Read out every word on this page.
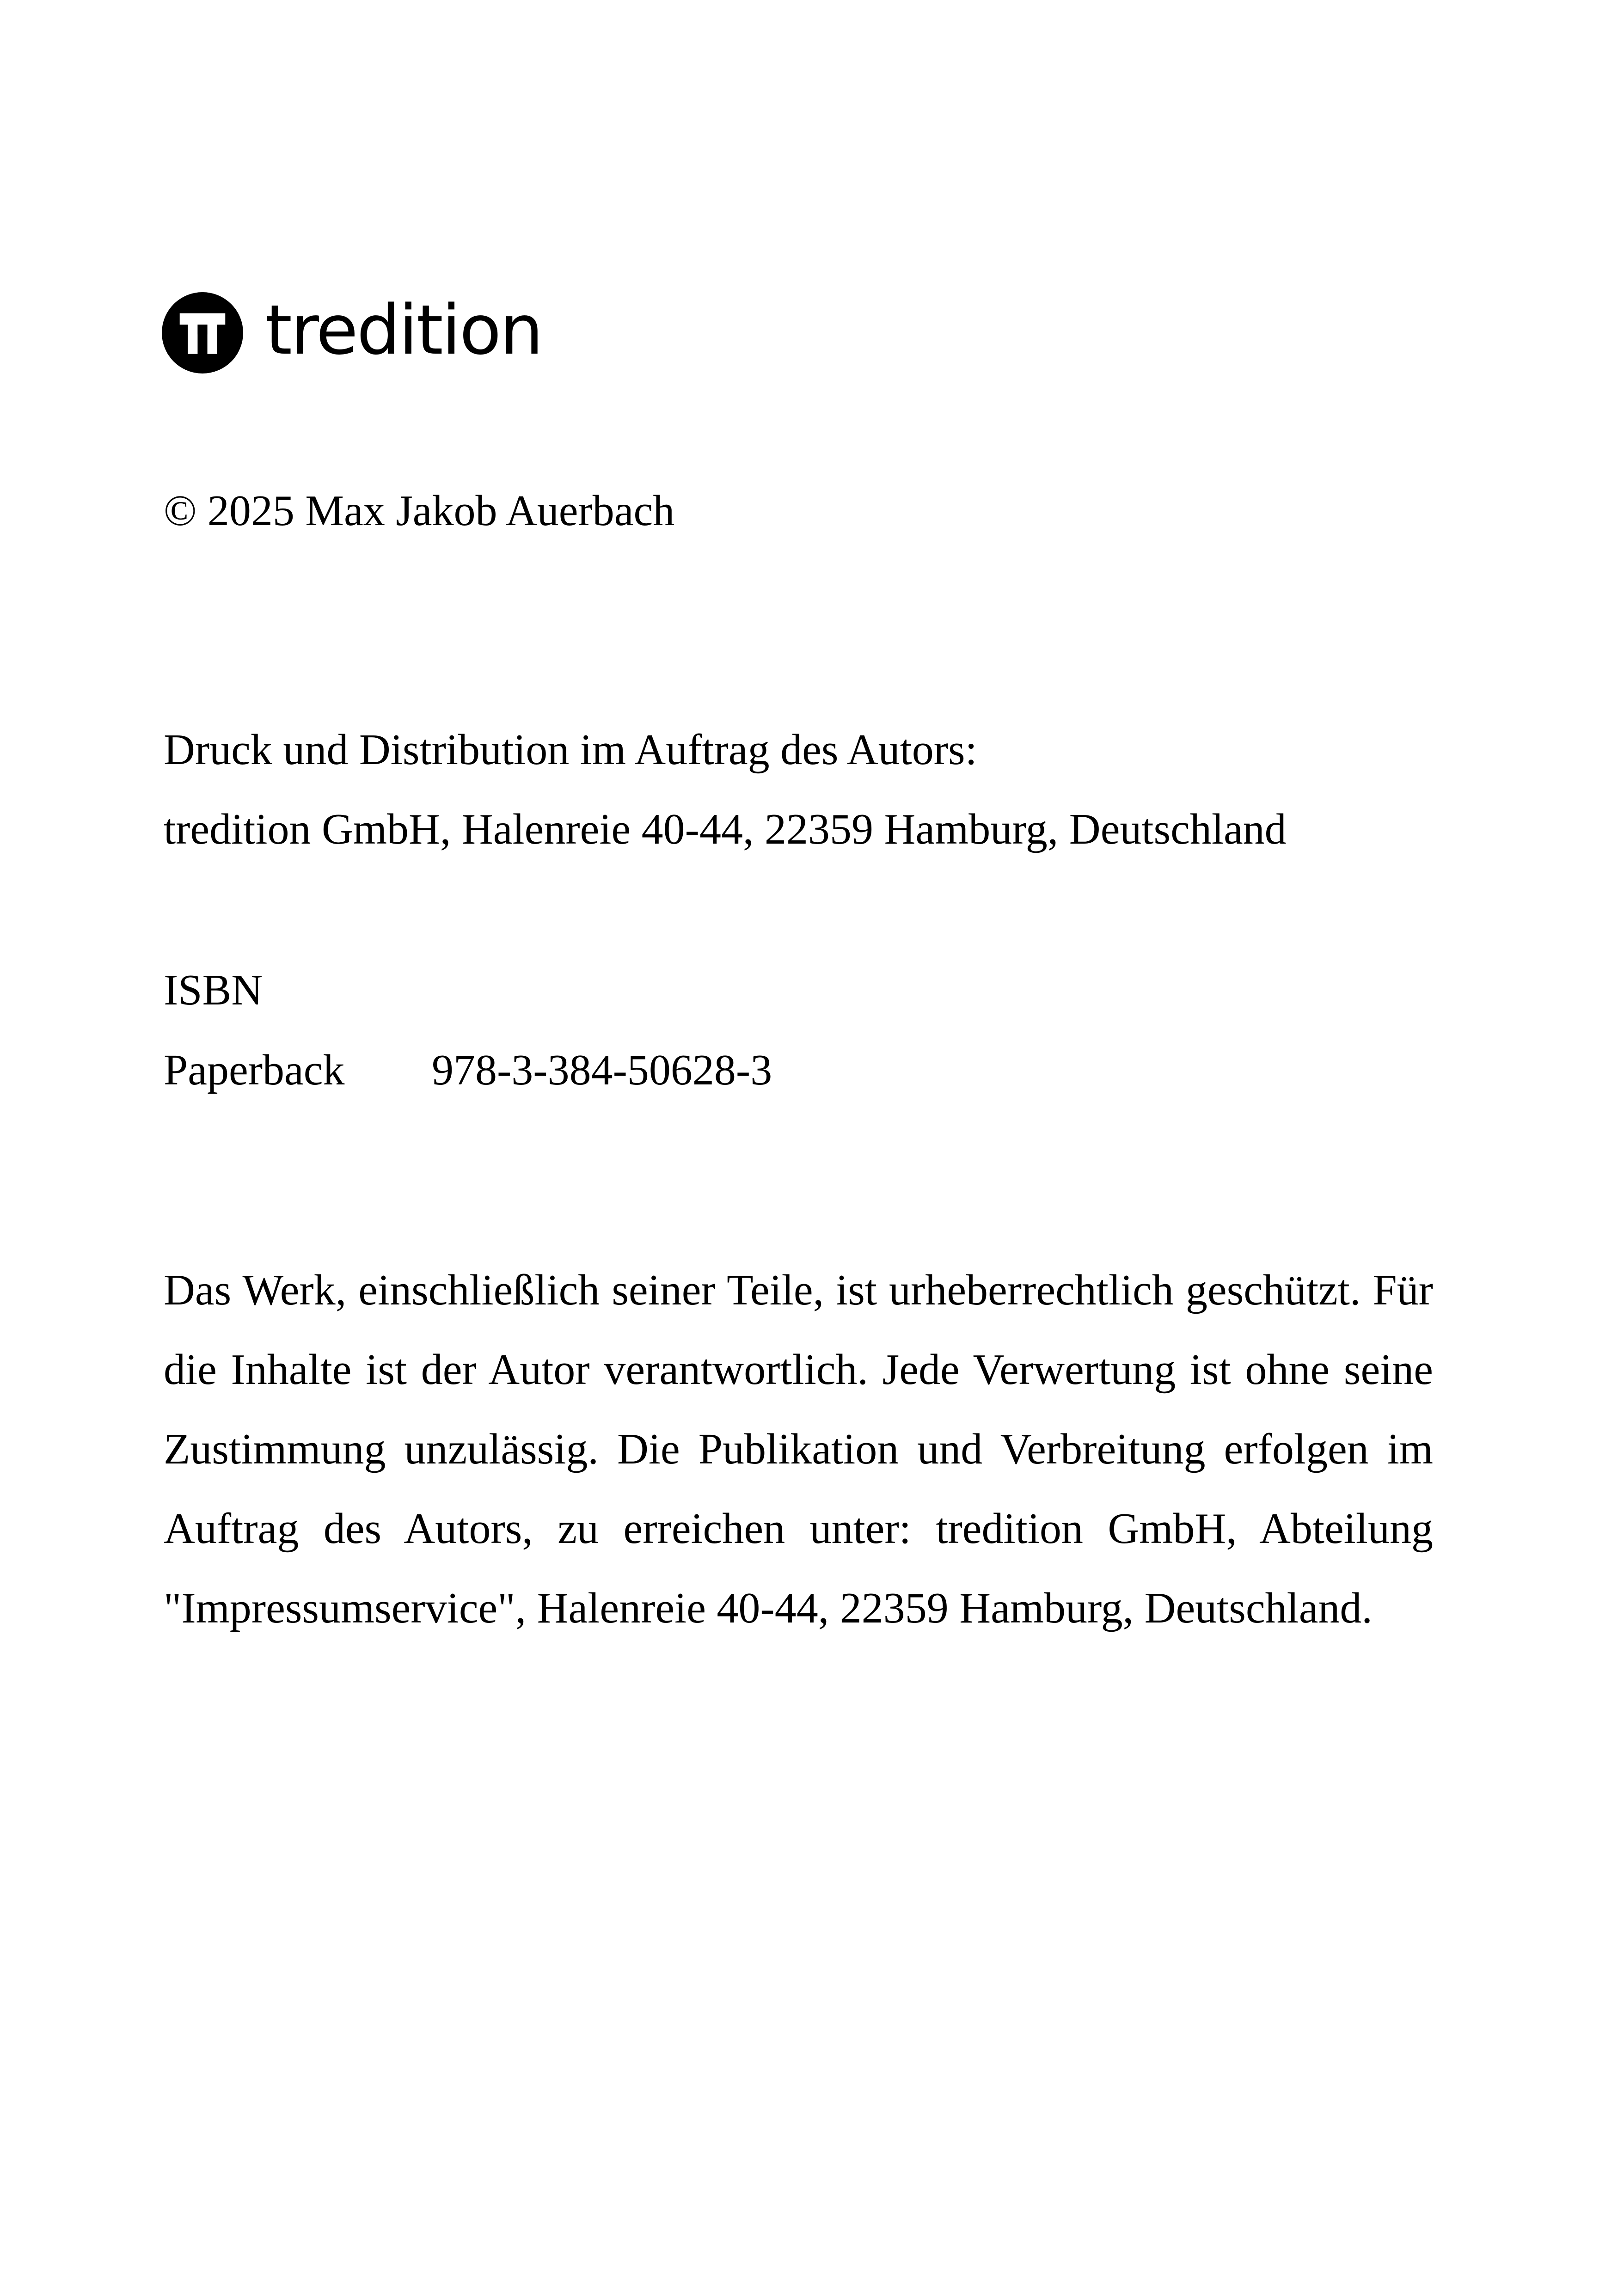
tredition
© 2025 Max Jakob Auerbach
Druck und Distribution im Auftrag des Autors:
tredition GmbH, Halenreie 40-44, 22359 Hamburg, Deutschland
ISBN
Paperback 978-3-384-50628-3
Das Werk, einschließlich seiner Teile, ist urheberrechtlich geschützt. Für die Inhalte ist der Autor verantwortlich. Jede Verwertung ist ohne seine Zustimmung unzulässig. Die Publikation und Verbreitung erfolgen im Auftrag des Autors, zu erreichen unter: tredition GmbH, Abteilung "Impressumservice", Halenreie 40-44, 22359 Hamburg, Deutschland.
